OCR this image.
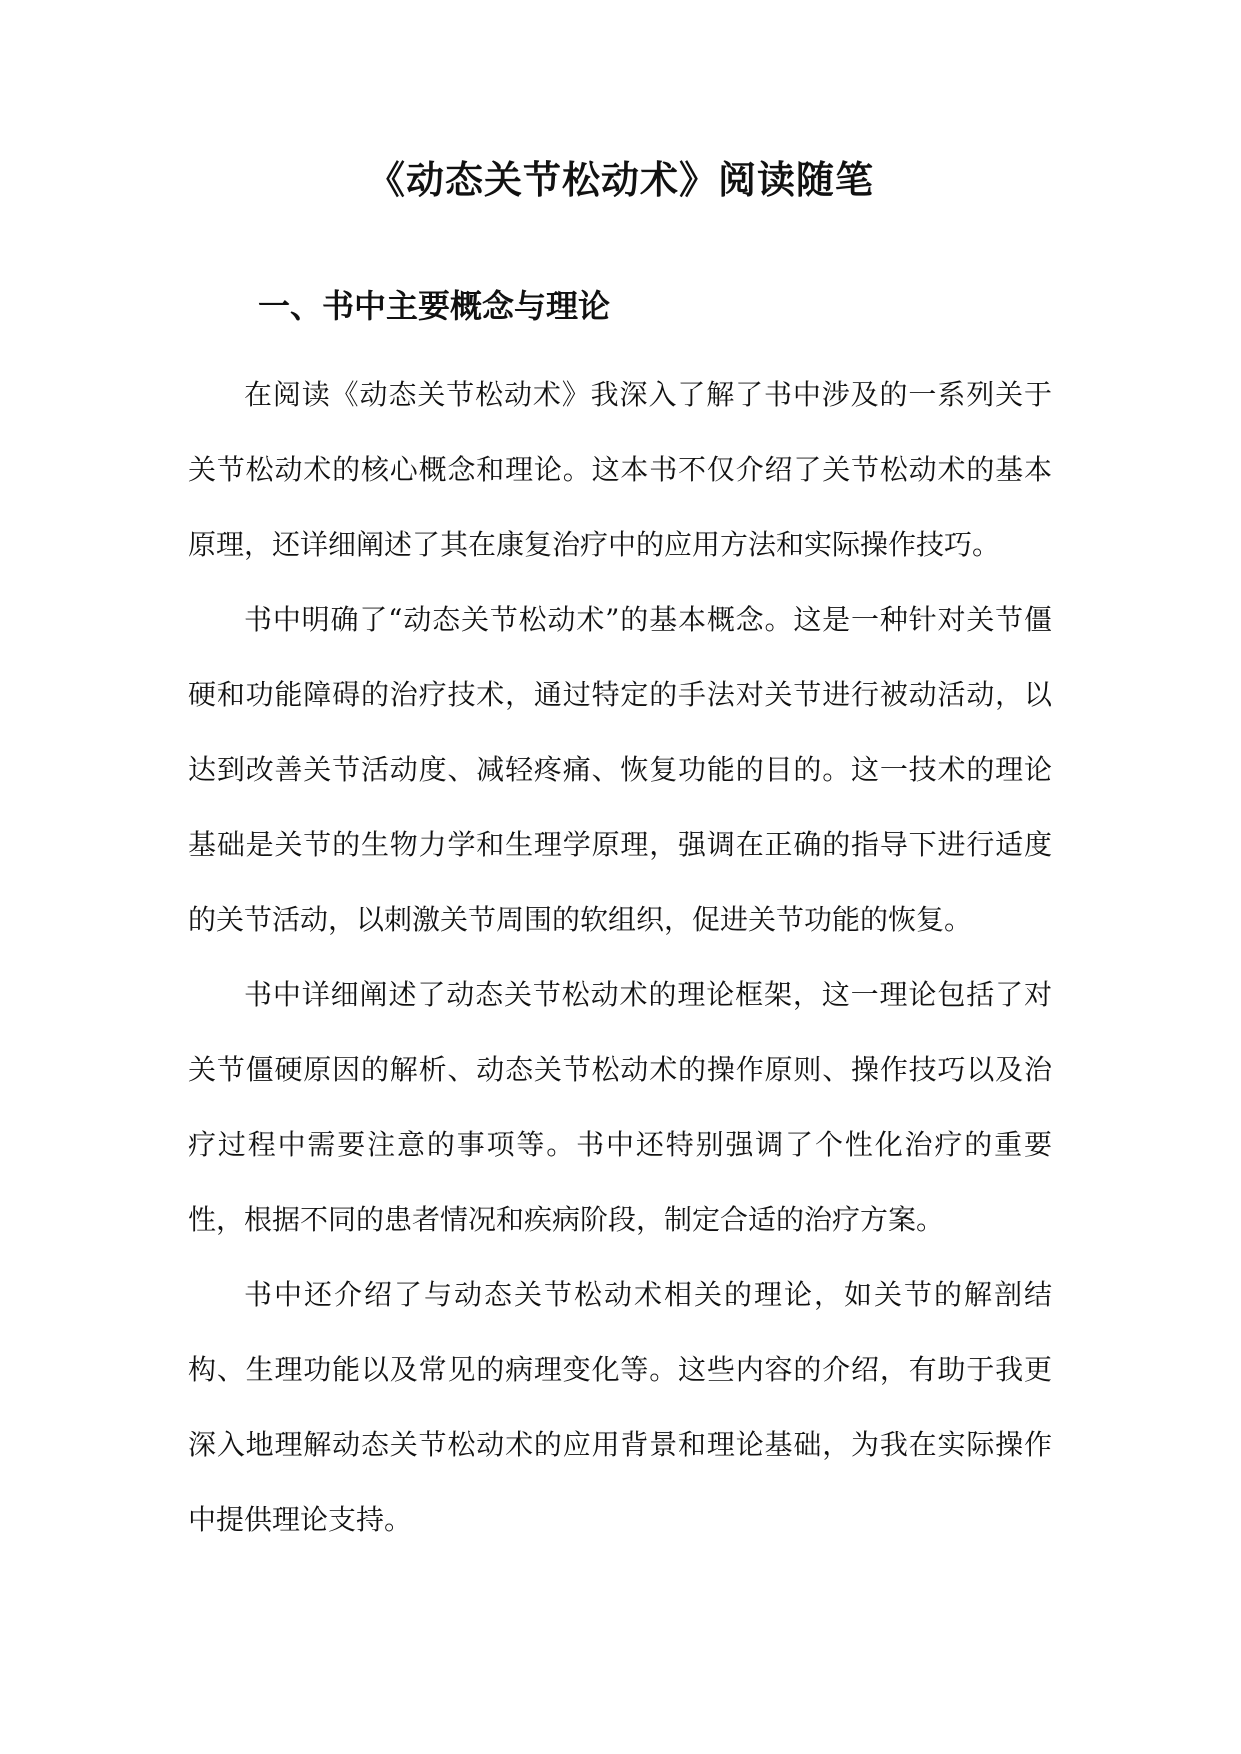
《动态关节松动术》阅读随笔
一、书中主要概念与理论

在阅读《动态关节松动术》我深入了解了书中涉及的一系列关于关节松动术的核心概念和理论。这本书不仅介绍了关节松动术的基本原理，还详细阐述了其在康复治疗中的应用方法和实际操作技巧。

书中明确了“动态关节松动术”的基本概念。这是一种针对关节僵硬和功能障碍的治疗技术，通过特定的手法对关节进行被动活动，以达到改善关节活动度、减轻疼痛、恢复功能的目的。这一技术的理论基础是关节的生物力学和生理学原理，强调在正确的指导下进行适度的关节活动，以刺激关节周围的软组织，促进关节功能的恢复。

书中详细阐述了动态关节松动术的理论框架，这一理论包括了对关节僵硬原因的解析、动态关节松动术的操作原则、操作技巧以及治疗过程中需要注意的事项等。书中还特别强调了个性化治疗的重要性，根据不同的患者情况和疾病阶段，制定合适的治疗方案。

书中还介绍了与动态关节松动术相关的理论，如关节的解剖结构、生理功能以及常见的病理变化等。这些内容的介绍，有助于我更深入地理解动态关节松动术的应用背景和理论基础，为我在实际操作中提供理论支持。
